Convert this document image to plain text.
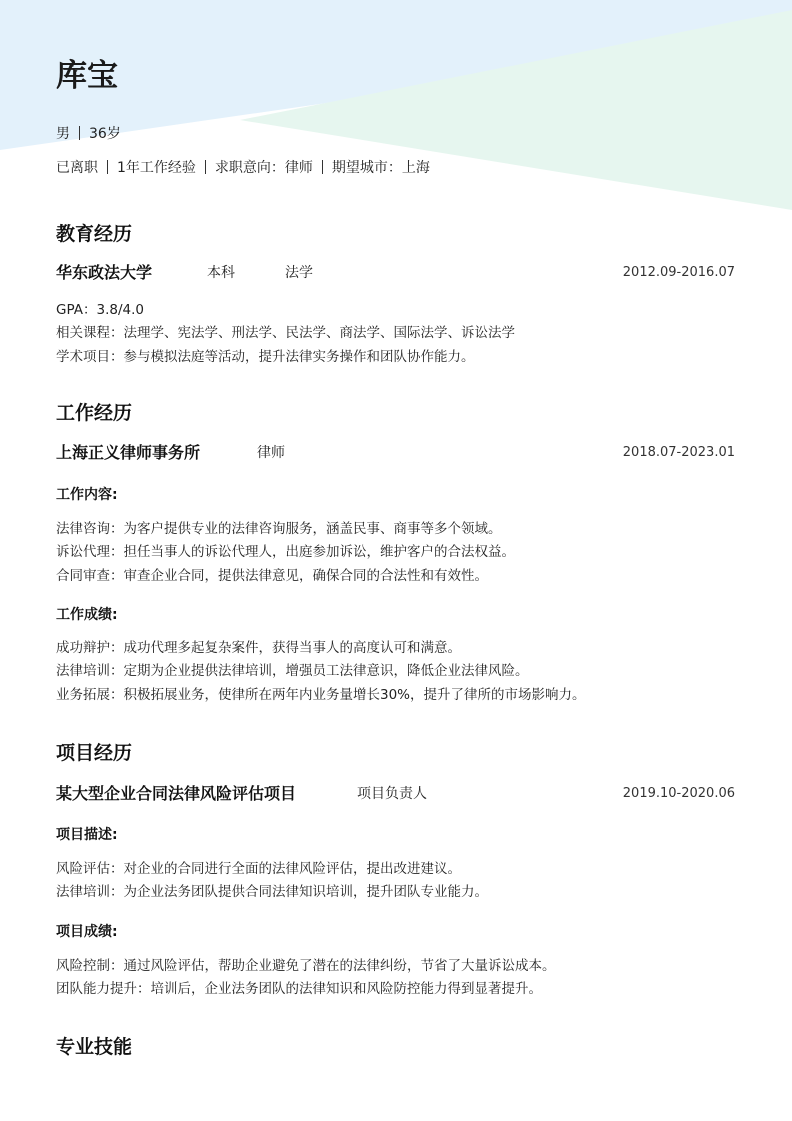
库宝
男 36岁
已离职 1年工作经验 求职意向：律师 期望城市：上海
教育经历
华东政法大学	本科	法学	2012.09-2016.07
GPA：3.8/4.0
相关课程：法理学、宪法学、刑法学、民法学、商法学、国际法学、诉讼法学
学术项目：参与模拟法庭等活动，提升法律实务操作和团队协作能力。
工作经历
上海正义律师事务所	律师	2018.07-2023.01
工作内容:
法律咨询：为客户提供专业的法律咨询服务，涵盖民事、商事等多个领域。
诉讼代理：担任当事人的诉讼代理人，出庭参加诉讼，维护客户的合法权益。
合同审查：审查企业合同，提供法律意见，确保合同的合法性和有效性。
工作成绩:
成功辩护：成功代理多起复杂案件，获得当事人的高度认可和满意。
法律培训：定期为企业提供法律培训，增强员工法律意识，降低企业法律风险。
业务拓展：积极拓展业务，使律所在两年内业务量增长30%，提升了律所的市场影响力。
项目经历
某大型企业合同法律风险评估项目	项目负责人	2019.10-2020.06
项目描述:
风险评估：对企业的合同进行全面的法律风险评估，提出改进建议。
法律培训：为企业法务团队提供合同法律知识培训，提升团队专业能力。
项目成绩:
风险控制：通过风险评估，帮助企业避免了潜在的法律纠纷，节省了大量诉讼成本。
团队能力提升：培训后，企业法务团队的法律知识和风险防控能力得到显著提升。
专业技能
